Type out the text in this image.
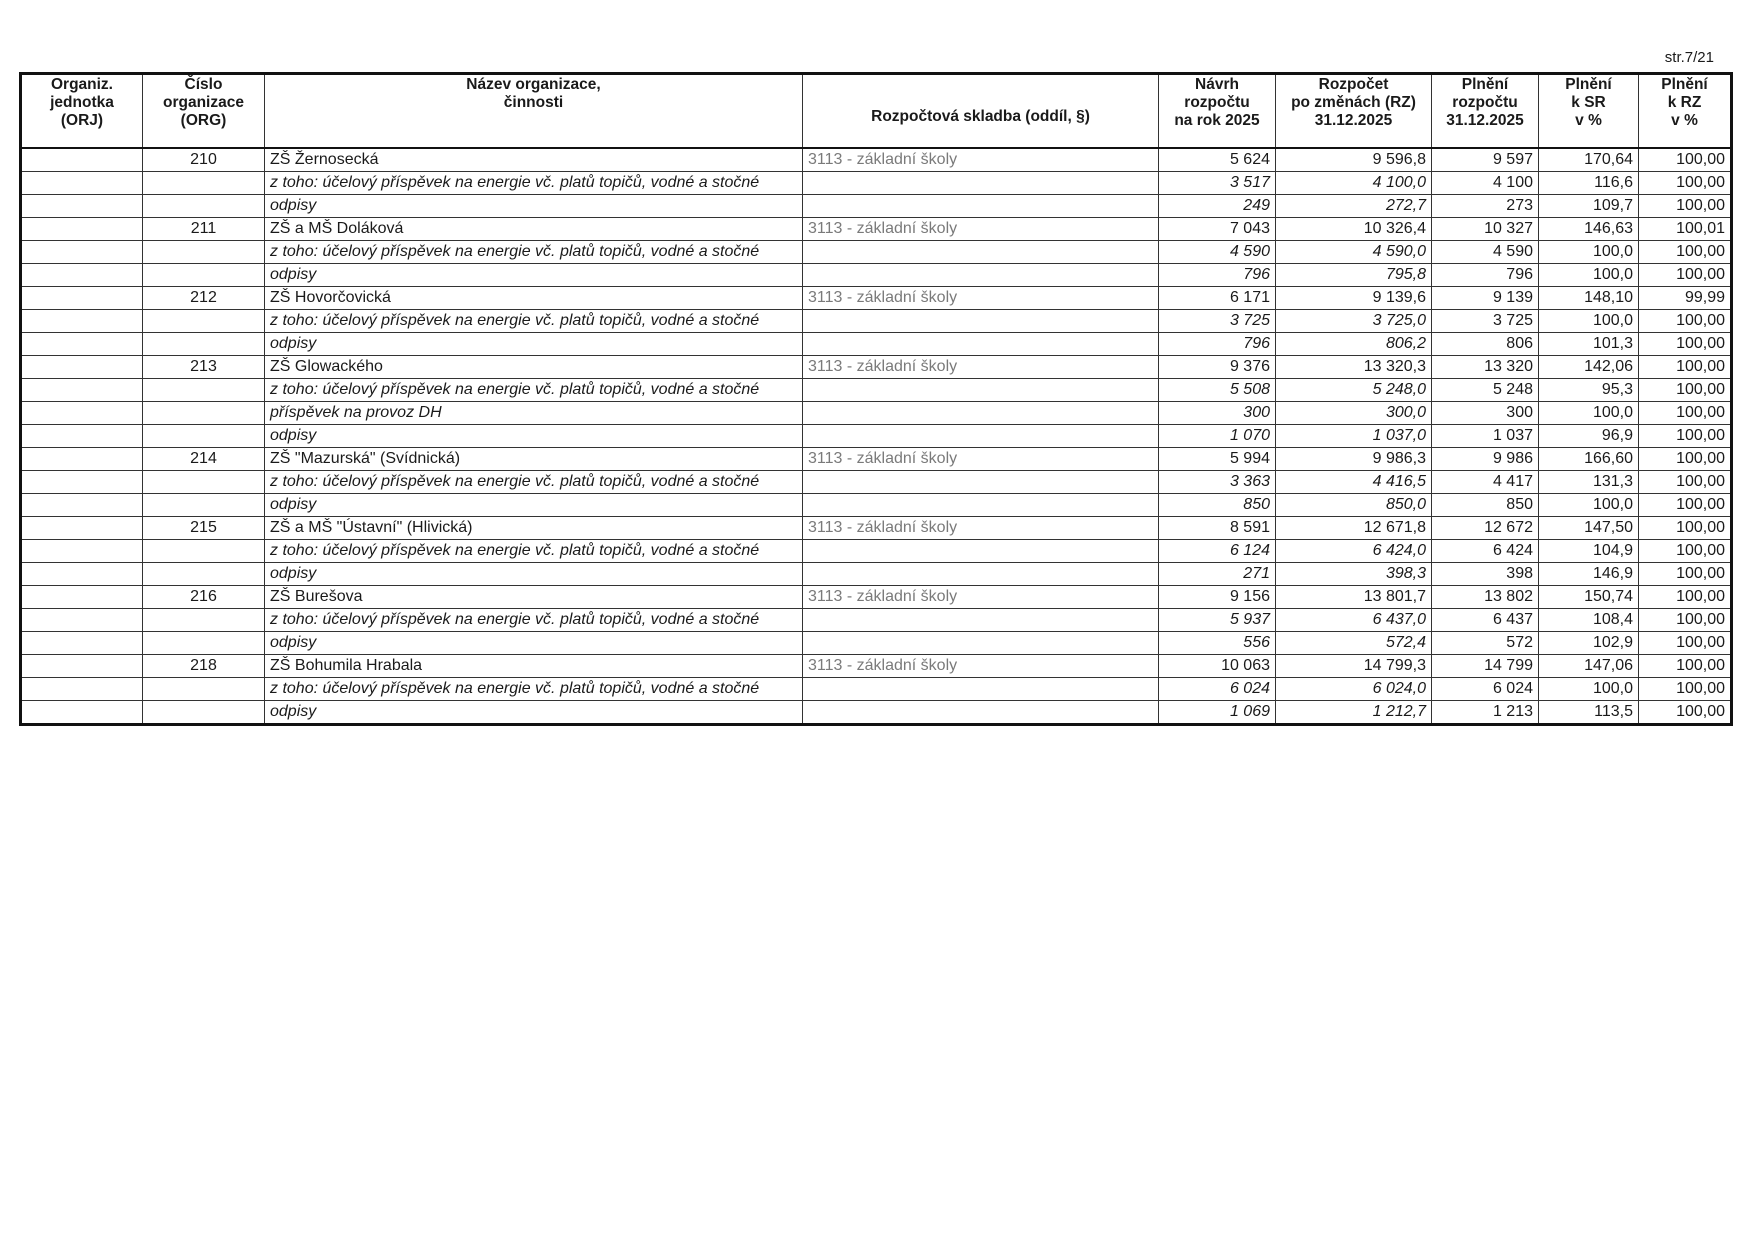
str.7/21
Organiz.
jednotka
(ORJ)	Číslo
organizace
(ORG)	Název organizace,
činnosti	Rozpočtová skladba (oddíl, §)	Návrh
rozpočtu
na rok 2025	Rozpočet
po změnách (RZ)
31.12.2025	Plnění
rozpočtu
31.12.2025	Plnění
k SR
v %	Plnění
k RZ
v %
	210	ZŠ Žernosecká	3113 - základní školy	5 624	9 596,8	9 597	170,64	100,00
		z toho: účelový příspěvek na energie vč. platů topičů, vodné a stočné		3 517	4 100,0	4 100	116,6	100,00
		odpisy		249	272,7	273	109,7	100,00
	211	ZŠ a MŠ Doláková	3113 - základní školy	7 043	10 326,4	10 327	146,63	100,01
		z toho: účelový příspěvek na energie vč. platů topičů, vodné a stočné		4 590	4 590,0	4 590	100,0	100,00
		odpisy		796	795,8	796	100,0	100,00
	212	ZŠ Hovorčovická	3113 - základní školy	6 171	9 139,6	9 139	148,10	99,99
		z toho: účelový příspěvek na energie vč. platů topičů, vodné a stočné		3 725	3 725,0	3 725	100,0	100,00
		odpisy		796	806,2	806	101,3	100,00
	213	ZŠ Glowackého	3113 - základní školy	9 376	13 320,3	13 320	142,06	100,00
		z toho: účelový příspěvek na energie vč. platů topičů, vodné a stočné		5 508	5 248,0	5 248	95,3	100,00
		příspěvek na provoz DH		300	300,0	300	100,0	100,00
		odpisy		1 070	1 037,0	1 037	96,9	100,00
	214	ZŠ "Mazurská" (Svídnická)	3113 - základní školy	5 994	9 986,3	9 986	166,60	100,00
		z toho: účelový příspěvek na energie vč. platů topičů, vodné a stočné		3 363	4 416,5	4 417	131,3	100,00
		odpisy		850	850,0	850	100,0	100,00
	215	ZŠ a MŠ "Ústavní" (Hlivická)	3113 - základní školy	8 591	12 671,8	12 672	147,50	100,00
		z toho: účelový příspěvek na energie vč. platů topičů, vodné a stočné		6 124	6 424,0	6 424	104,9	100,00
		odpisy		271	398,3	398	146,9	100,00
	216	ZŠ Burešova	3113 - základní školy	9 156	13 801,7	13 802	150,74	100,00
		z toho: účelový příspěvek na energie vč. platů topičů, vodné a stočné		5 937	6 437,0	6 437	108,4	100,00
		odpisy		556	572,4	572	102,9	100,00
	218	ZŠ Bohumila Hrabala	3113 - základní školy	10 063	14 799,3	14 799	147,06	100,00
		z toho: účelový příspěvek na energie vč. platů topičů, vodné a stočné		6 024	6 024,0	6 024	100,0	100,00
		odpisy		1 069	1 212,7	1 213	113,5	100,00
